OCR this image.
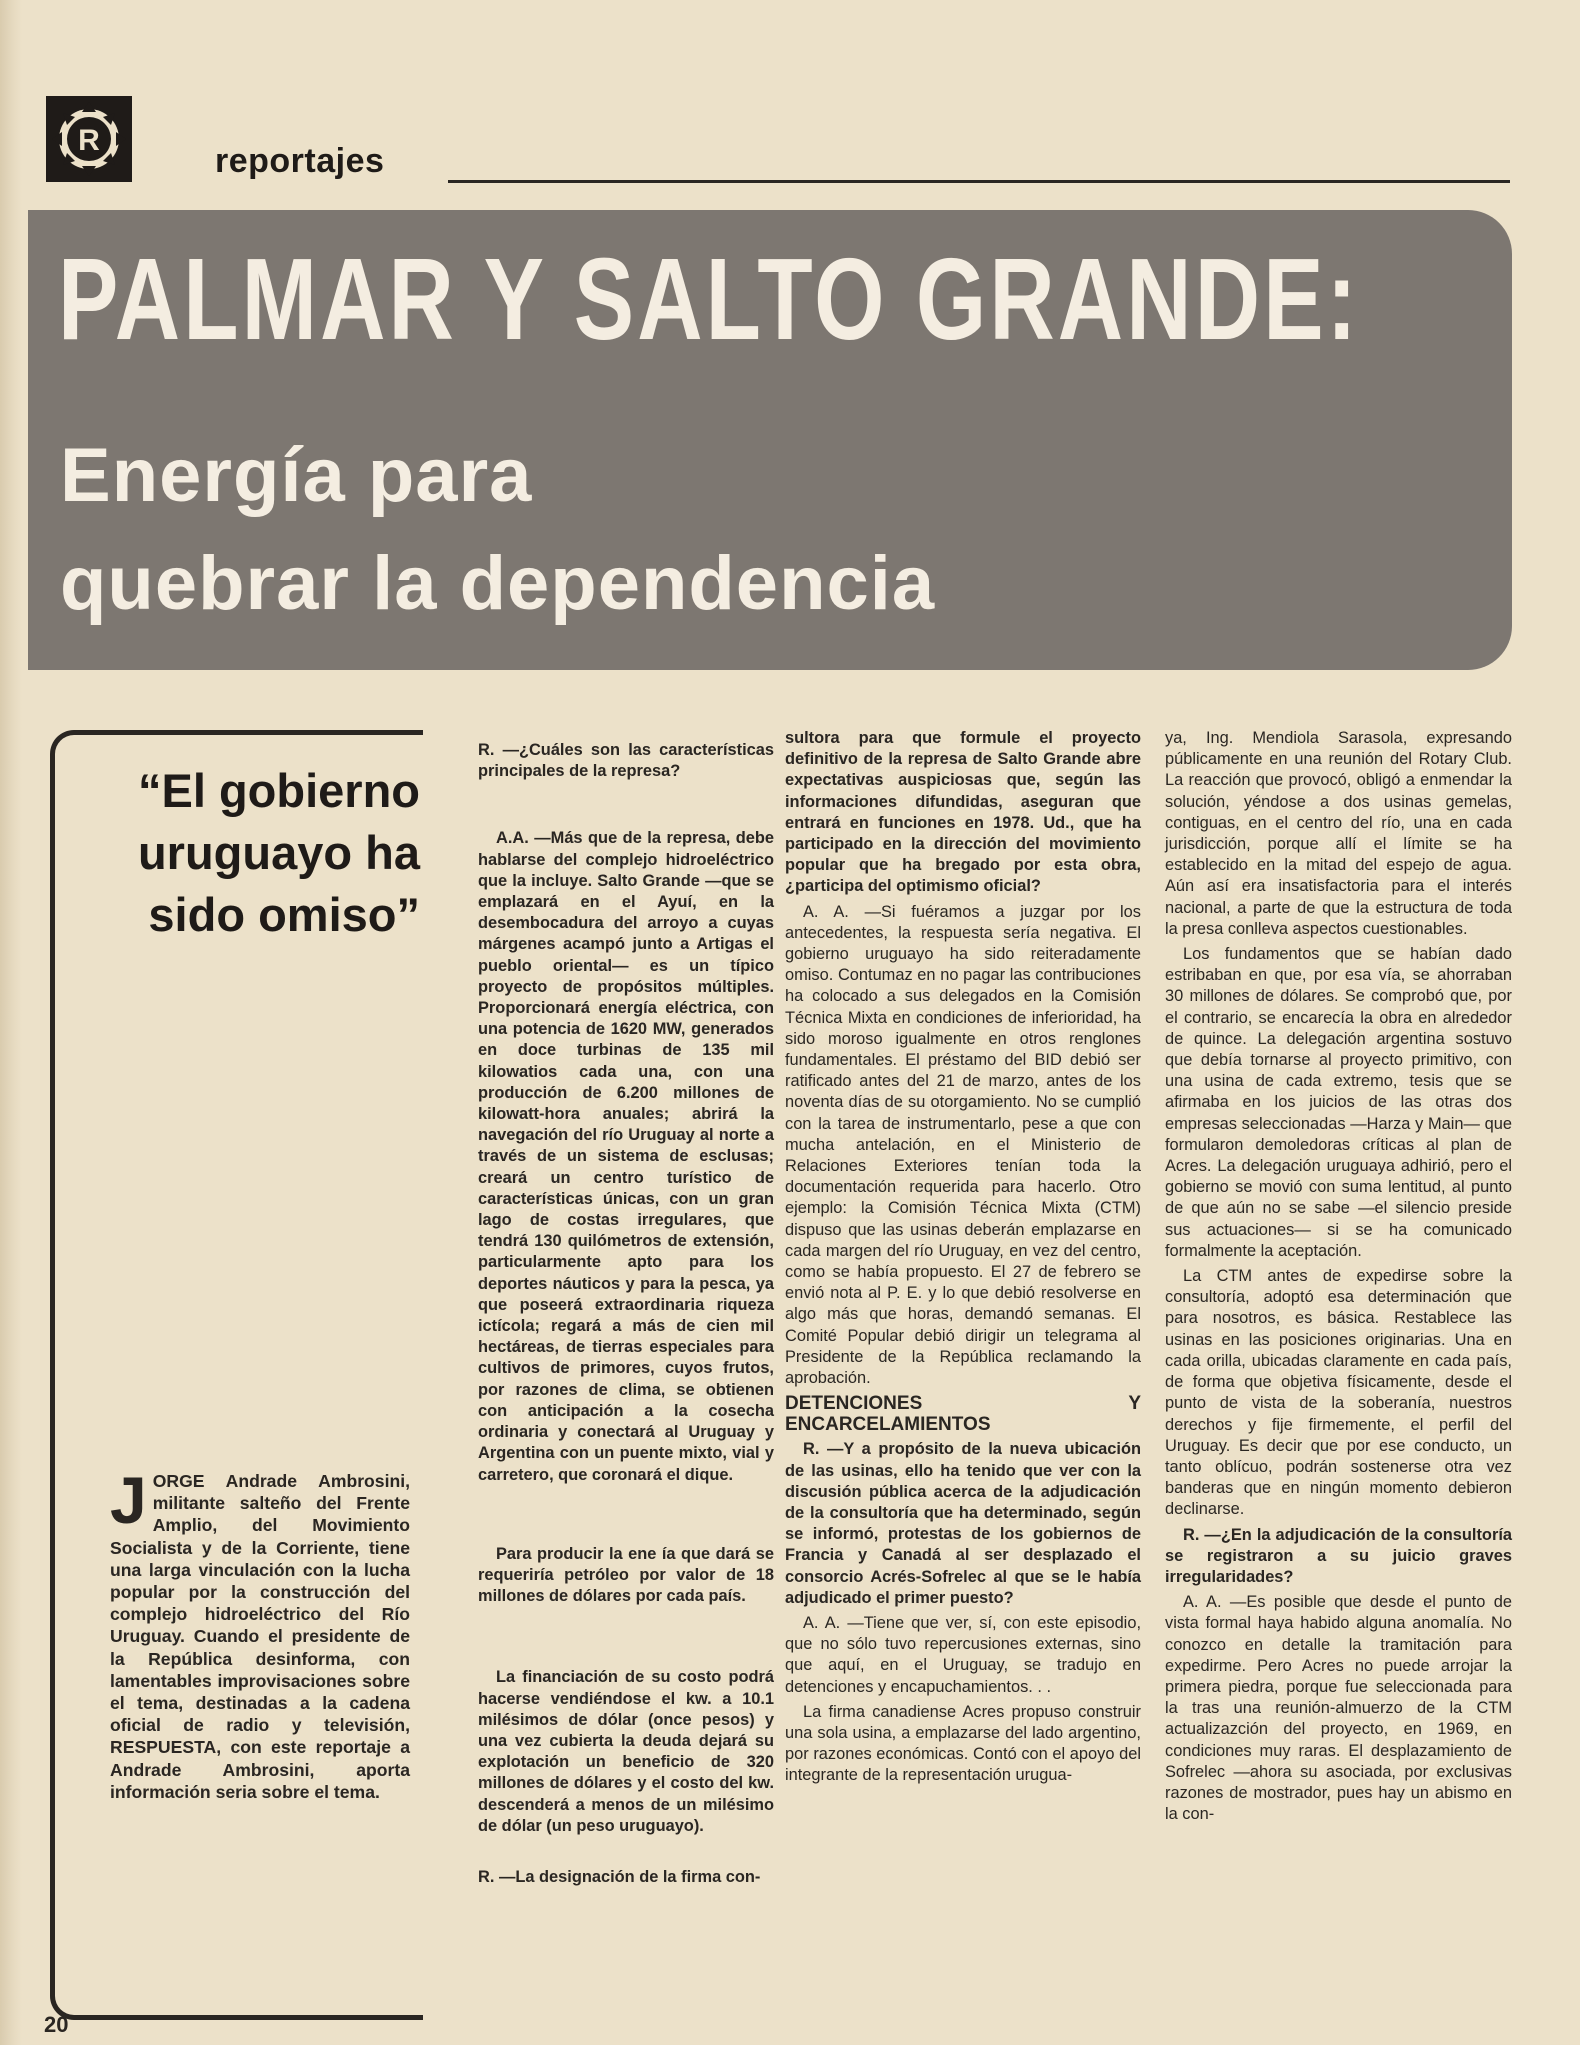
R
reportajes
PALMAR Y SALTO GRANDE:
Energía para
quebrar la dependencia
“El gobierno uruguayo ha sido omiso”
JORGE Andrade Ambrosini, militante salteño del Frente Amplio, del Movimiento Socialista y de la Corriente, tiene una larga vinculación con la lucha popular por la construcción del complejo hidroeléctrico del Río Uruguay. Cuando el presidente de la República desinforma, con lamentables improvisaciones sobre el tema, destinadas a la cadena oficial de radio y televisión, RESPUESTA, con este reportaje a Andrade Ambrosini, aporta información seria sobre el tema.

R. —¿Cuáles son las características principales de la represa?

A.A. —Más que de la represa, debe hablarse del complejo hidroeléctrico que la incluye. Salto Grande —que se emplazará en el Ayuí, en la desembocadura del arroyo a cuyas márgenes acampó junto a Artigas el pueblo oriental— es un típico proyecto de propósitos múltiples. Proporcionará energía eléctrica, con una potencia de 1620 MW, generados en doce turbinas de 135 mil kilowatios cada una, con una producción de 6.200 millones de kilowatt-hora anuales; abrirá la navegación del río Uruguay al norte a través de un sistema de esclusas; creará un centro turístico de características únicas, con un gran lago de costas irregulares, que tendrá 130 quilómetros de extensión, particularmente apto para los deportes náuticos y para la pesca, ya que poseerá extraordinaria riqueza ictícola; regará a más de cien mil hectáreas, de tierras especiales para cultivos de primores, cuyos frutos, por razones de clima, se obtienen con anticipación a la cosecha ordinaria y conectará al Uruguay y Argentina con un puente mixto, vial y carretero, que coronará el dique.

Para producir la ene ía que dará se requeriría petróleo por valor de 18 millones de dólares por cada país.

La financiación de su costo podrá hacerse vendiéndose el kw. a 10.1 milésimos de dólar (once pesos) y una vez cubierta la deuda dejará su explotación un beneficio de 320 millones de dólares y el costo del kw. descenderá a menos de un milésimo de dólar (un peso uruguayo).

R. —La designación de la firma con-

sultora para que formule el proyecto definitivo de la represa de Salto Grande abre expectativas auspiciosas que, según las informaciones difundidas, aseguran que entrará en funciones en 1978. Ud., que ha participado en la dirección del movimiento popular que ha bregado por esta obra, ¿participa del optimismo oficial?

A. A. —Si fuéramos a juzgar por los antecedentes, la respuesta sería negativa. El gobierno uruguayo ha sido reiteradamente omiso. Contumaz en no pagar las contribuciones ha colocado a sus delegados en la Comisión Técnica Mixta en condiciones de inferioridad, ha sido moroso igualmente en otros renglones fundamentales. El préstamo del BID debió ser ratificado antes del 21 de marzo, antes de los noventa días de su otorgamiento. No se cumplió con la tarea de instrumentarlo, pese a que con mucha antelación, en el Ministerio de Relaciones Exteriores tenían toda la documentación requerida para hacerlo. Otro ejemplo: la Comisión Técnica Mixta (CTM) dispuso que las usinas deberán emplazarse en cada margen del río Uruguay, en vez del centro, como se había propuesto. El 27 de febrero se envió nota al P. E. y lo que debió resolverse en algo más que horas, demandó semanas. El Comité Popular debió dirigir un telegrama al Presidente de la República reclamando la aprobación.

DETENCIONES Y ENCARCELAMIENTOS

R. —Y a propósito de la nueva ubicación de las usinas, ello ha tenido que ver con la discusión pública acerca de la adjudicación de la consultoría que ha determinado, según se informó, protestas de los gobiernos de Francia y Canadá al ser desplazado el consorcio Acrés-Sofrelec al que se le había adjudicado el primer puesto?

A. A. —Tiene que ver, sí, con este episodio, que no sólo tuvo repercusiones externas, sino que aquí, en el Uruguay, se tradujo en detenciones y encapuchamientos. . .

La firma canadiense Acres propuso construir una sola usina, a emplazarse del lado argentino, por razones económicas. Contó con el apoyo del integrante de la representación urugua-

ya, Ing. Mendiola Sarasola, expresando públicamente en una reunión del Rotary Club. La reacción que provocó, obligó a enmendar la solución, yéndose a dos usinas gemelas, contiguas, en el centro del río, una en cada jurisdicción, porque allí el límite se ha establecido en la mitad del espejo de agua. Aún así era insatisfactoria para el interés nacional, a parte de que la estructura de toda la presa conlleva aspectos cuestionables.

Los fundamentos que se habían dado estribaban en que, por esa vía, se ahorraban 30 millones de dólares. Se comprobó que, por el contrario, se encarecía la obra en alrededor de quince. La delegación argentina sostuvo que debía tornarse al proyecto primitivo, con una usina de cada extremo, tesis que se afirmaba en los juicios de las otras dos empresas seleccionadas —Harza y Main— que formularon demoledoras críticas al plan de Acres. La delegación uruguaya adhirió, pero el gobierno se movió con suma lentitud, al punto de que aún no se sabe —el silencio preside sus actuaciones— si se ha comunicado formalmente la aceptación.

La CTM antes de expedirse sobre la consultoría, adoptó esa determinación que para nosotros, es básica. Restablece las usinas en las posiciones originarias. Una en cada orilla, ubicadas claramente en cada país, de forma que objetiva físicamente, desde el punto de vista de la soberanía, nuestros derechos y fije firmemente, el perfil del Uruguay. Es decir que por ese conducto, un tanto oblícuo, podrán sostenerse otra vez banderas que en ningún momento debieron declinarse.

R. —¿En la adjudicación de la consultoría se registraron a su juicio graves irregularidades?

A. A. —Es posible que desde el punto de vista formal haya habido alguna anomalía. No conozco en detalle la tramitación para expedirme. Pero Acres no puede arrojar la primera piedra, porque fue seleccionada para la tras una reunión-almuerzo de la CTM actualizazción del proyecto, en 1969, en condiciones muy raras. El desplazamiento de Sofrelec —ahora su asociada, por exclusivas razones de mostrador, pues hay un abismo en la con-

20
